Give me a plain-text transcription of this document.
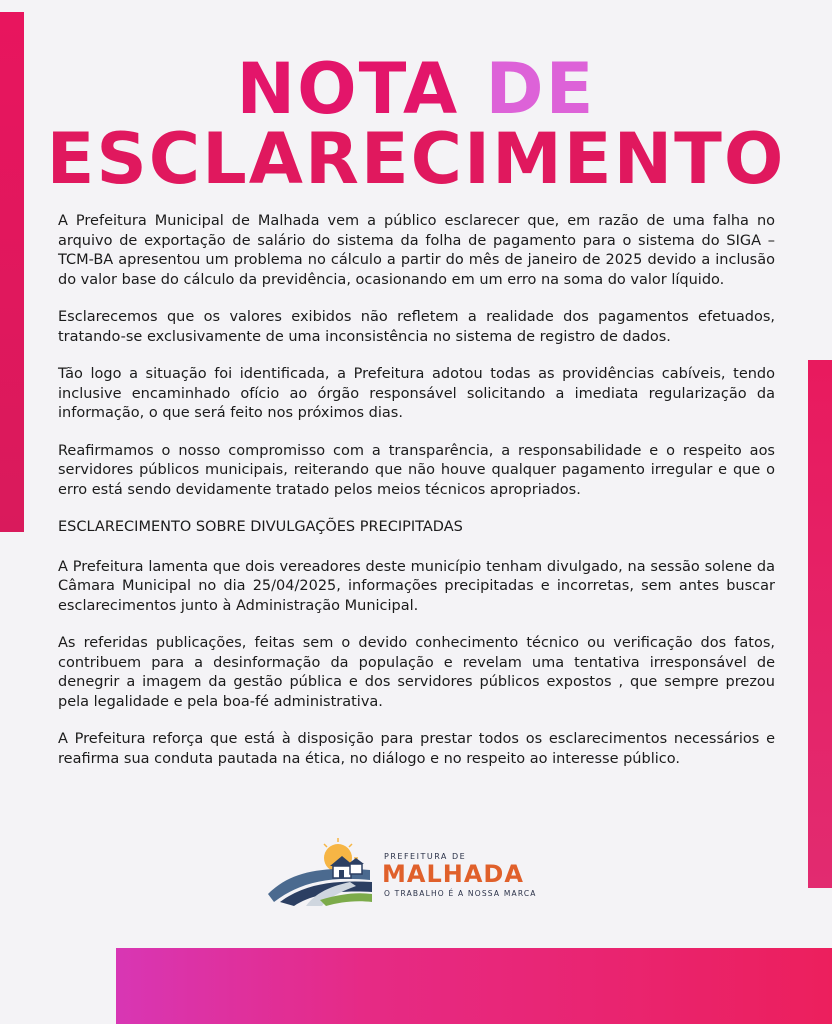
NOTA DE
ESCLARECIMENTO

A Prefeitura Municipal de Malhada vem a público esclarecer que, em razão de uma falha no arquivo de exportação de salário do sistema da folha de pagamento para o sistema do SIGA – TCM-BA apresentou um problema no cálculo a partir do mês de janeiro de 2025 devido a inclusão do valor base do cálculo da previdência, ocasionando em um erro na soma do valor líquido.

Esclarecemos que os valores exibidos não refletem a realidade dos pagamentos efetuados, tratando-se exclusivamente de uma inconsistência no sistema de registro de dados.

Tão logo a situação foi identificada, a Prefeitura adotou todas as providências cabíveis, tendo inclusive encaminhado ofício ao órgão responsável solicitando a imediata regularização da informação, o que será feito nos próximos dias.

Reafirmamos o nosso compromisso com a transparência, a responsabilidade e o respeito aos servidores públicos municipais, reiterando que não houve qualquer pagamento irregular e que o erro está sendo devidamente tratado pelos meios técnicos apropriados.

ESCLARECIMENTO SOBRE DIVULGAÇÕES PRECIPITADAS

A Prefeitura lamenta que dois vereadores deste município tenham divulgado, na sessão solene da Câmara Municipal no dia 25/04/2025, informações precipitadas e incorretas, sem antes buscar esclarecimentos junto à Administração Municipal.

As referidas publicações, feitas sem o devido conhecimento técnico ou verificação dos fatos, contribuem para a desinformação da população e revelam uma tentativa irresponsável de denegrir a imagem da gestão pública e dos servidores públicos expostos , que sempre prezou pela legalidade e pela boa-fé administrativa.

A Prefeitura reforça que está à disposição para prestar todos os esclarecimentos necessários e reafirma sua conduta pautada na ética, no diálogo e no respeito ao interesse público.

PREFEITURA DE
MALHADA
O TRABALHO É A NOSSA MARCA
